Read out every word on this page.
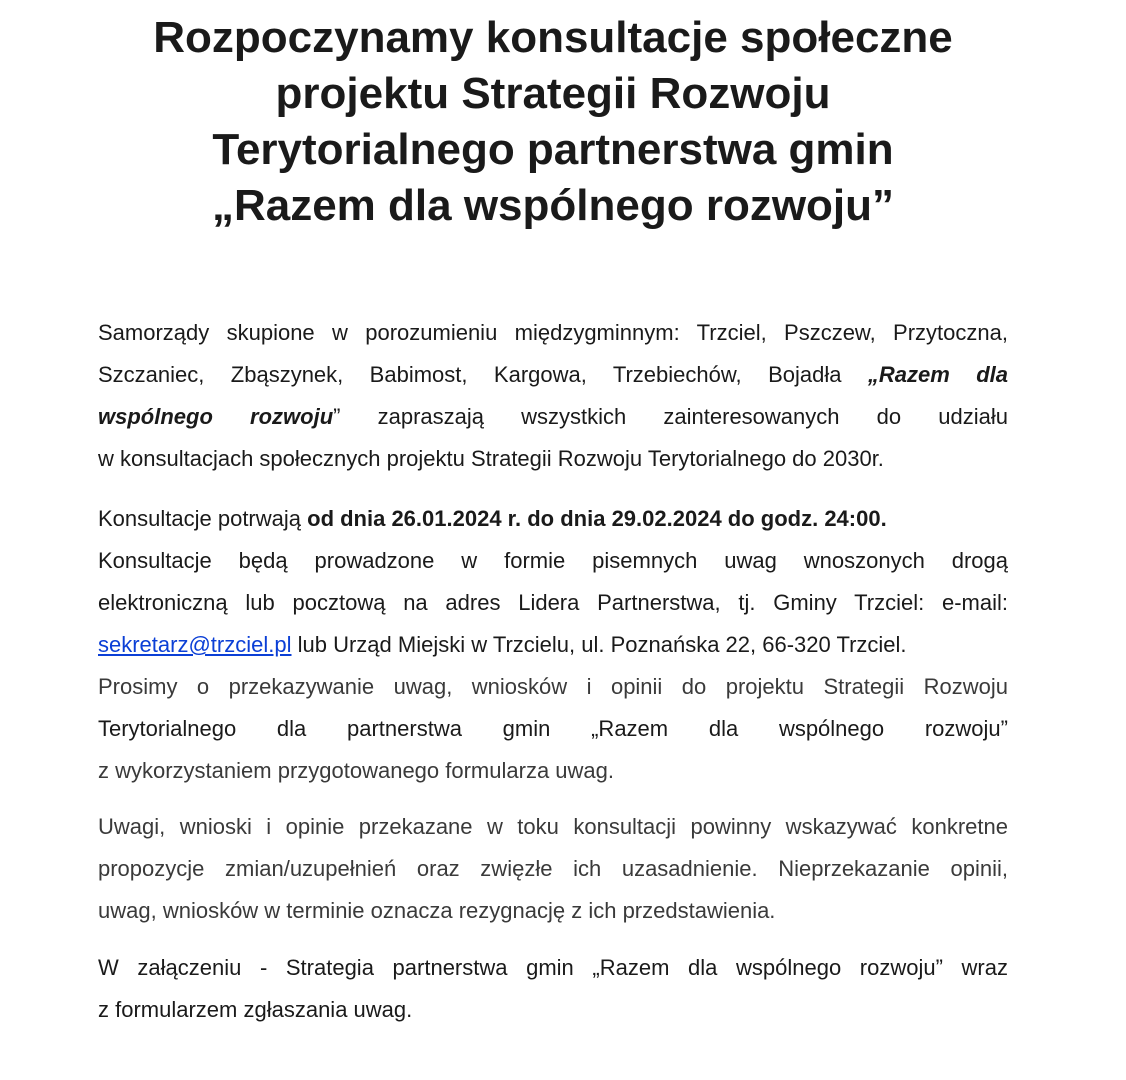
Rozpoczynamy konsultacje społeczne
projektu Strategii Rozwoju
Terytorialnego partnerstwa gmin
„Razem dla wspólnego rozwoju”

Samorządy skupione w porozumieniu międzygminnym: Trzciel, Pszczew, Przytoczna,
Szczaniec, Zbąszynek, Babimost, Kargowa, Trzebiechów, Bojadła „Razem dla
wspólnego rozwoju” zapraszają wszystkich zainteresowanych do udziału
w konsultacjach społecznych projektu Strategii Rozwoju Terytorialnego do 2030r.

Konsultacje potrwają od dnia 26.01.2024 r. do dnia 29.02.2024 do godz. 24:00.
Konsultacje będą prowadzone w formie pisemnych uwag wnoszonych drogą
elektroniczną lub pocztową na adres Lidera Partnerstwa, tj. Gminy Trzciel: e-mail:
sekretarz@trzciel.pl lub Urząd Miejski w Trzcielu, ul. Poznańska 22, 66-320 Trzciel.
Prosimy o przekazywanie uwag, wniosków i opinii do projektu Strategii Rozwoju
Terytorialnego dla partnerstwa gmin „Razem dla wspólnego rozwoju”
z wykorzystaniem przygotowanego formularza uwag.

Uwagi, wnioski i opinie przekazane w toku konsultacji powinny wskazywać konkretne
propozycje zmian/uzupełnień oraz zwięzłe ich uzasadnienie. Nieprzekazanie opinii,
uwag, wniosków w terminie oznacza rezygnację z ich przedstawienia.

W załączeniu - Strategia partnerstwa gmin „Razem dla wspólnego rozwoju” wraz
z formularzem zgłaszania uwag.
